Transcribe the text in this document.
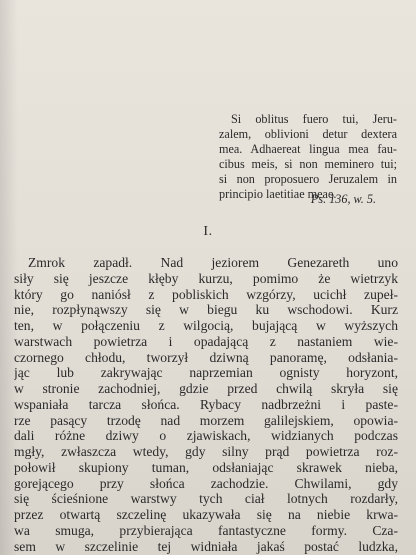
Si oblitus fuero tui, Jeru-
zalem, oblivioni detur dextera
mea. Adhaereat lingua mea fau-
cibus meis, si non meminero tui;
si non proposuero Jeruzalem in
principio laetitiae meae.
Ps. 136, w. 5.
I.
Zmrok zapadł. Nad jeziorem Genezareth uno
siły się jeszcze kłęby kurzu, pomimo że wietrzyk
który go naniósł z pobliskich wzgórzy, ucichł zupeł-
nie, rozpłynąwszy się w biegu ku wschodowi. Kurz
ten, w połączeniu z wilgocią, bujającą w wyższych
warstwach powietrza i opadającą z nastaniem wie-
czornego chłodu, tworzył dziwną panoramę, odsłania-
jąc lub zakrywając naprzemian ognisty horyzont,
w stronie zachodniej, gdzie przed chwilą skryła się
wspaniała tarcza słońca. Rybacy nadbrzeżni i paste-
rze pasący trzodę nad morzem galilejskiem, opowia-
dali różne dziwy o zjawiskach, widzianych podczas
mgły, zwłaszcza wtedy, gdy silny prąd powietrza roz-
połowił skupiony tuman, odsłaniając skrawek nieba,
gorejącego przy słońca zachodzie. Chwilami, gdy
się ścieśnione warstwy tych ciał lotnych rozdarły,
przez otwartą szczelinę ukazywała się na niebie krwa-
wa smuga, przybierająca fantastyczne formy. Cza-
sem w szczelinie tej widniała jakaś postać ludzka,
